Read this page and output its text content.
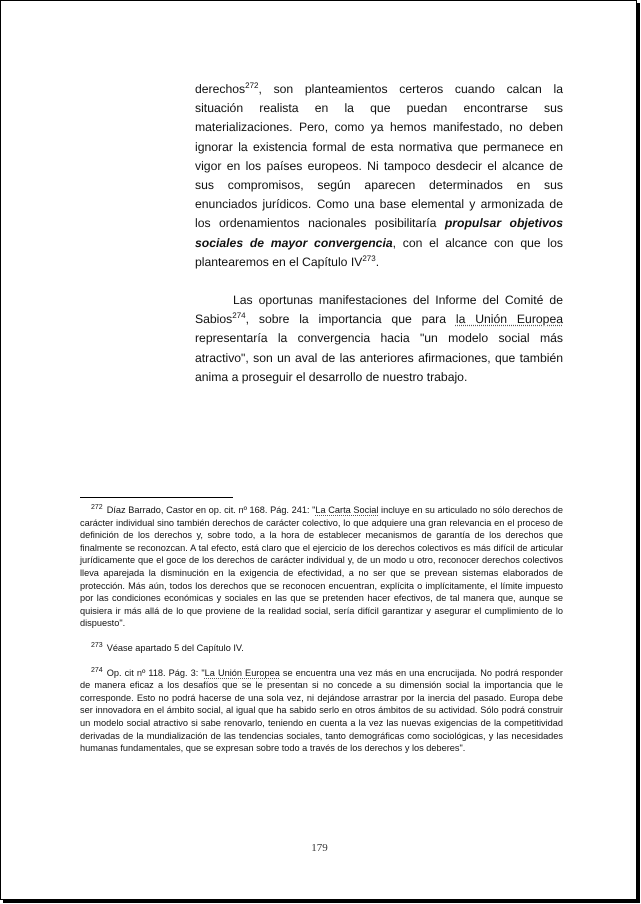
derechos$^{272}$, son planteamientos certeros cuando calcan la situación realista en la que puedan encontrarse sus materializaciones. Pero, como ya hemos manifestado, no deben ignorar la existencia formal de esta normativa que permanece en vigor en los países europeos. Ni tampoco desdecir el alcance de sus compromisos, según aparecen determinados en sus enunciados jurídicos. Como una base elemental y armonizada de los ordenamientos nacionales posibilitaría propulsar objetivos sociales de mayor convergencia, con el alcance con que los plantearemos en el Capítulo IV$^{273}$.

Las oportunas manifestaciones del Informe del Comité de Sabios$^{274}$, sobre la importancia que para la Unión Europea representaría la convergencia hacia "un modelo social más atractivo", son un aval de las anteriores afirmaciones, que también anima a proseguir el desarrollo de nuestro trabajo.

$^{272}$ Díaz Barrado, Castor en op. cit. nº 168. Pág. 241: "La Carta Social incluye en su articulado no sólo derechos de carácter individual sino también derechos de carácter colectivo, lo que adquiere una gran relevancia en el proceso de definición de los derechos y, sobre todo, a la hora de establecer mecanismos de garantía de los derechos que finalmente se reconozcan. A tal efecto, está claro que el ejercicio de los derechos colectivos es más difícil de articular jurídicamente que el goce de los derechos de carácter individual y, de un modo u otro, reconocer derechos colectivos lleva aparejada la disminución en la exigencia de efectividad, a no ser que se prevean sistemas elaborados de protección. Más aún, todos los derechos que se reconocen encuentran, explícita o implícitamente, el límite impuesto por las condiciones económicas y sociales en las que se pretenden hacer efectivos, de tal manera que, aunque se quisiera ir más allá de lo que proviene de la realidad social, sería difícil garantizar y asegurar el cumplimiento de lo dispuesto".

$^{273}$ Véase apartado 5 del Capítulo IV.

$^{274}$ Op. cit nº 118. Pág. 3: "La Unión Europea se encuentra una vez más en una encrucijada. No podrá responder de manera eficaz a los desafíos que se le presentan si no concede a su dimensión social la importancia que le corresponde. Esto no podrá hacerse de una sola vez, ni dejándose arrastrar por la inercia del pasado. Europa debe ser innovadora en el ámbito social, al igual que ha sabido serlo en otros ámbitos de su actividad. Sólo podrá construir un modelo social atractivo si sabe renovarlo, teniendo en cuenta a la vez las nuevas exigencias de la competitividad derivadas de la mundialización de las tendencias sociales, tanto demográficas como sociológicas, y las necesidades humanas fundamentales, que se expresan sobre todo a través de los derechos y los deberes".

179
